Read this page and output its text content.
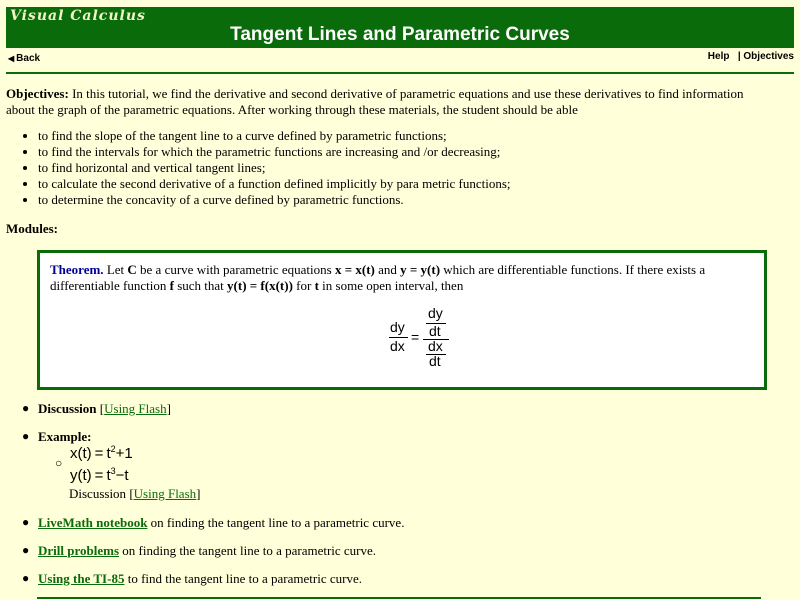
Visual Calculus
Tangent Lines and Parametric Curves
◀ Back	Help | Objectives

Objectives: In this tutorial, we find the derivative and second derivative of parametric equations and use these derivatives to find information about the graph of the parametric equations. After working through these materials, the student should be able

• to find the slope of the tangent line to a curve defined by parametric functions;
• to find the intervals for which the parametric functions are increasing and /or decreasing;
• to find horizontal and vertical tangent lines;
• to calculate the second derivative of a function defined implicitly by para metric functions;
• to determine the concavity of a curve defined by parametric functions.
Modules:
Theorem. Let C be a curve with parametric equations x = x(t) and y = y(t) which are differentiable functions. If there exists a differentiable function f such that y(t) = f(x(t)) for t in some open interval, then
dy
dx
=
dy
dt
dx
dt
● Discussion [Using Flash]
● Example:
○
$x(t) = t^2+1$
$y(t) = t^3-t$
Discussion [Using Flash]
● LiveMath notebook on finding the tangent line to a parametric curve.
● Drill problems on finding the tangent line to a parametric curve.
● Using the TI-85 to find the tangent line to a parametric curve.
